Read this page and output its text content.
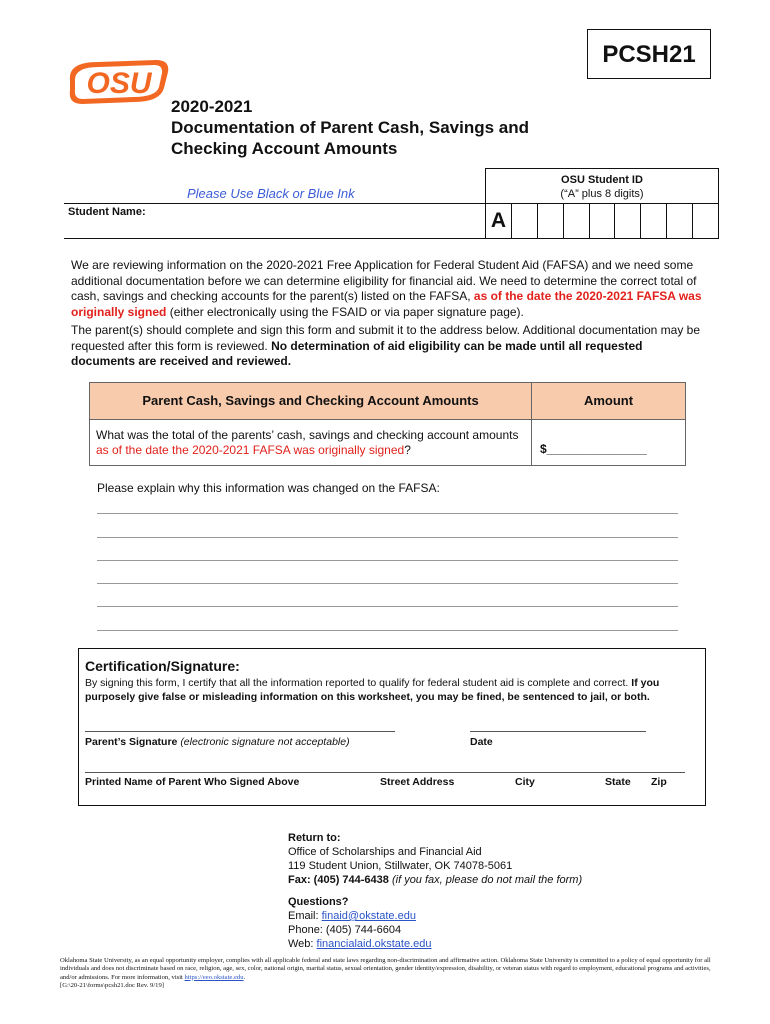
PCSH21
OSU
2020-2021
Documentation of Parent Cash, Savings and
Checking Account Amounts
Please Use Black or Blue Ink
OSU Student ID
(“A” plus 8 digits)
A
Student Name:
We are reviewing information on the 2020-2021 Free Application for Federal Student Aid (FAFSA) and we need some additional documentation before we can determine eligibility for financial aid. We need to determine the correct total of cash, savings and checking accounts for the parent(s) listed on the FAFSA, as of the date the 2020-2021 FAFSA was originally signed (either electronically using the FSAID or via paper signature page).
The parent(s) should complete and sign this form and submit it to the address below. Additional documentation may be requested after this form is reviewed. No determination of aid eligibility can be made until all requested documents are received and reviewed.
Parent Cash, Savings and Checking Account Amounts	Amount
What was the total of the parents’ cash, savings and checking account amounts as of the date the 2020-2021 FAFSA was originally signed?	$_______________
Please explain why this information was changed on the FAFSA:
Certification/Signature:
By signing this form, I certify that all the information reported to qualify for federal student aid is complete and correct. If you purposely give false or misleading information on this worksheet, you may be fined, be sentenced to jail, or both.
Parent’s Signature (electronic signature not acceptable)	Date
Printed Name of Parent Who Signed Above	Street Address	City	State Zip
Return to:
Office of Scholarships and Financial Aid
119 Student Union, Stillwater, OK 74078-5061
Fax: (405) 744-6438 (if you fax, please do not mail the form)

Questions?
Email: finaid@okstate.edu
Phone: (405) 744-6604
Web: financialaid.okstate.edu
Oklahoma State University, as an equal opportunity employer, complies with all applicable federal and state laws regarding non-discrimination and affirmative action. Oklahoma State University is committed to a policy of equal opportunity for all individuals and does not discriminate based on race, religion, age, sex, color, national origin, marital status, sexual orientation, gender identity/expression, disability, or veteran status with regard to employment, educational programs and activities, and/or admissions. For more information, visit https://eeo.okstate.edu.
[G:\20-21\forms\pcsh21.doc Rev. 9/19]
